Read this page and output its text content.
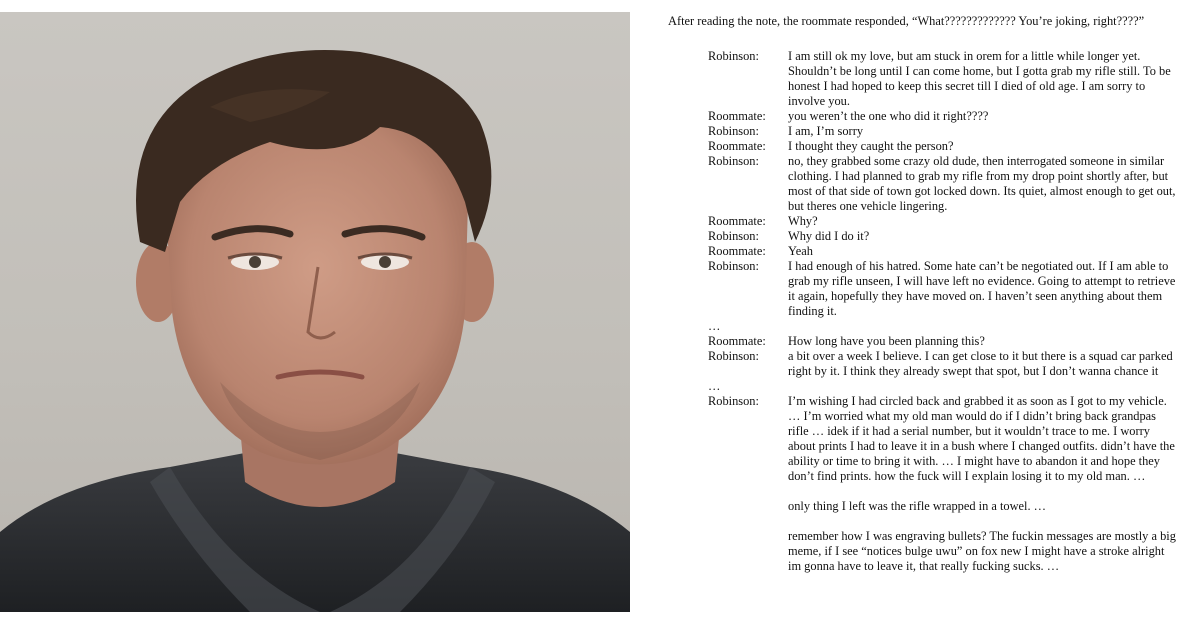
After reading the note, the roommate responded, “What????????????? You’re joking, right????”

Robinson:	I am still ok my love, but am stuck in orem for a little while longer yet. Shouldn’t be long until I can come home, but I gotta grab my rifle still. To be honest I had hoped to keep this secret till I died of old age. I am sorry to involve you.
Roommate:	you weren’t the one who did it right????
Robinson:	I am, I’m sorry
Roommate:	I thought they caught the person?
Robinson:	no, they grabbed some crazy old dude, then interrogated someone in similar clothing. I had planned to grab my rifle from my drop point shortly after, but most of that side of town got locked down. Its quiet, almost enough to get out, but theres one vehicle lingering.
Roommate:	Why?
Robinson:	Why did I do it?
Roommate:	Yeah
Robinson:	I had enough of his hatred. Some hate can’t be negotiated out. If I am able to grab my rifle unseen, I will have left no evidence. Going to attempt to retrieve it again, hopefully they have moved on. I haven’t seen anything about them finding it.
…
Roommate:	How long have you been planning this?
Robinson:	a bit over a week I believe. I can get close to it but there is a squad car parked right by it. I think they already swept that spot, but I don’t wanna chance it
…
Robinson:	I’m wishing I had circled back and grabbed it as soon as I got to my vehicle. … I’m worried what my old man would do if I didn’t bring back grandpas rifle … idek if it had a serial number, but it wouldn’t trace to me. I worry about prints I had to leave it in a bush where I changed outfits. didn’t have the ability or time to bring it with. … I might have to abandon it and hope they don’t find prints. how the fuck will I explain losing it to my old man. …

only thing I left was the rifle wrapped in a towel. …

remember how I was engraving bullets? The fuckin messages are mostly a big meme, if I see “notices bulge uwu” on fox new I might have a stroke alright im gonna have to leave it, that really fucking sucks. …
